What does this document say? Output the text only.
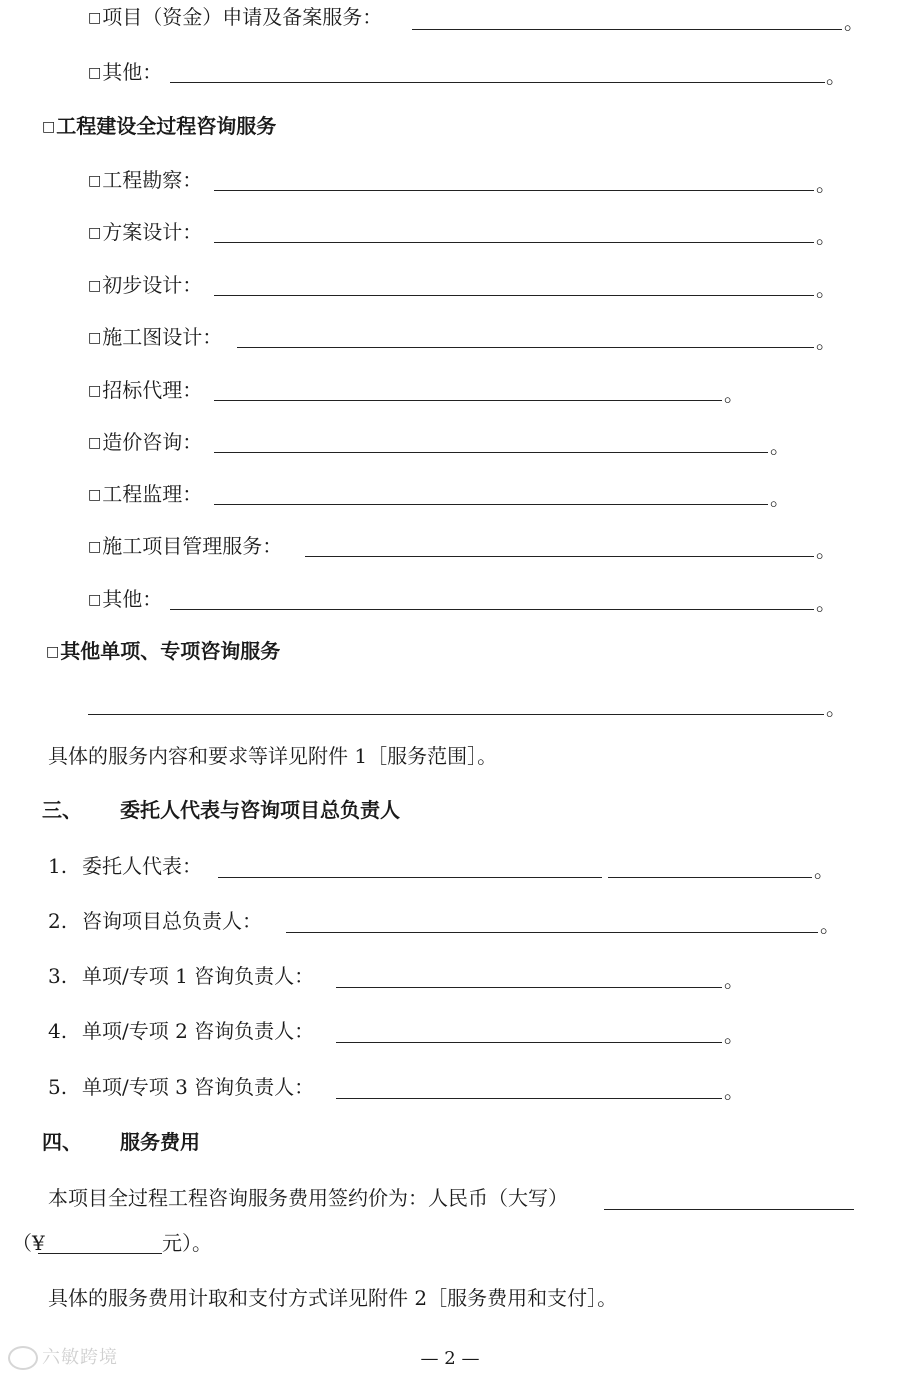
□项目（资金）申请及备案服务：	。
□其他：	。
□工程建设全过程咨询服务
□工程勘察：	。
□方案设计：	。
□初步设计：	。
□施工图设计：	。
□招标代理：	。
□造价咨询：	。
□工程监理：	。
□施工项目管理服务：	。
□其他：	。
□其他单项、专项咨询服务
。
具体的服务内容和要求等详见附件 1［服务范围］。
三、 委托人代表与咨询项目总负责人
1. 委托人代表：	。
2. 咨询项目总负责人：	。
3. 单项/专项 1 咨询负责人：	。
4. 单项/专项 2 咨询负责人：	。
5. 单项/专项 3 咨询负责人：	。
四、 服务费用
本项目全过程工程咨询服务费用签约价为：人民币（大写）
（¥	元）。
具体的服务费用计取和支付方式详见附件 2［服务费用和支付］。
六敏跨境	— 2 —
